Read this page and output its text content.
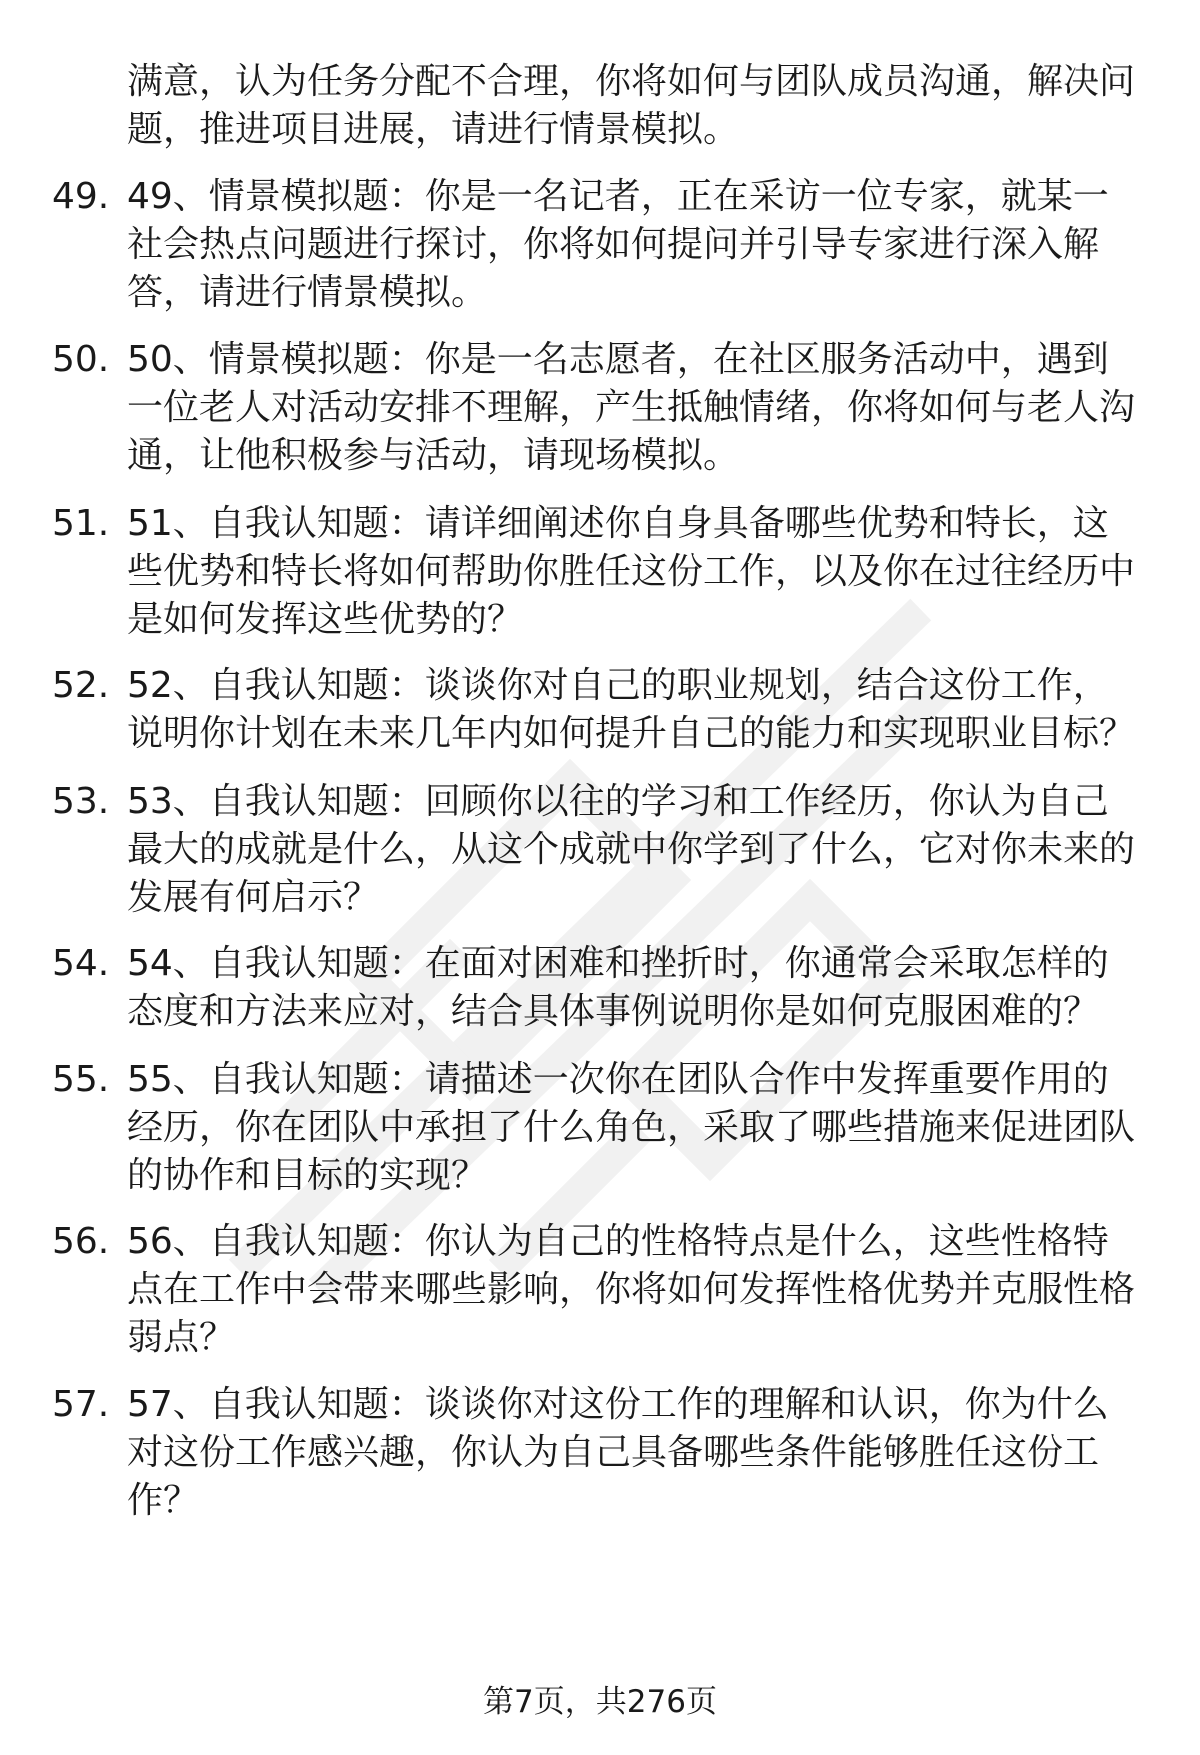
满意，认为任务分配不合理，你将如何与团队成员沟通，解决问题，推进项目进展，请进行情景模拟。

49. 49、情景模拟题：你是一名记者，正在采访一位专家，就某一社会热点问题进行探讨，你将如何提问并引导专家进行深入解答，请进行情景模拟。

50. 50、情景模拟题：你是一名志愿者，在社区服务活动中，遇到一位老人对活动安排不理解，产生抵触情绪，你将如何与老人沟通，让他积极参与活动，请现场模拟。

51. 51、自我认知题：请详细阐述你自身具备哪些优势和特长，这些优势和特长将如何帮助你胜任这份工作，以及你在过往经历中是如何发挥这些优势的？

52. 52、自我认知题：谈谈你对自己的职业规划，结合这份工作，说明你计划在未来几年内如何提升自己的能力和实现职业目标？

53. 53、自我认知题：回顾你以往的学习和工作经历，你认为自己最大的成就是什么，从这个成就中你学到了什么，它对你未来的发展有何启示？

54. 54、自我认知题：在面对困难和挫折时，你通常会采取怎样的态度和方法来应对，结合具体事例说明你是如何克服困难的？

55. 55、自我认知题：请描述一次你在团队合作中发挥重要作用的经历，你在团队中承担了什么角色，采取了哪些措施来促进团队的协作和目标的实现？

56. 56、自我认知题：你认为自己的性格特点是什么，这些性格特点在工作中会带来哪些影响，你将如何发挥性格优势并克服性格弱点？

57. 57、自我认知题：谈谈你对这份工作的理解和认识，你为什么对这份工作感兴趣，你认为自己具备哪些条件能够胜任这份工作？

第7页，共276页
